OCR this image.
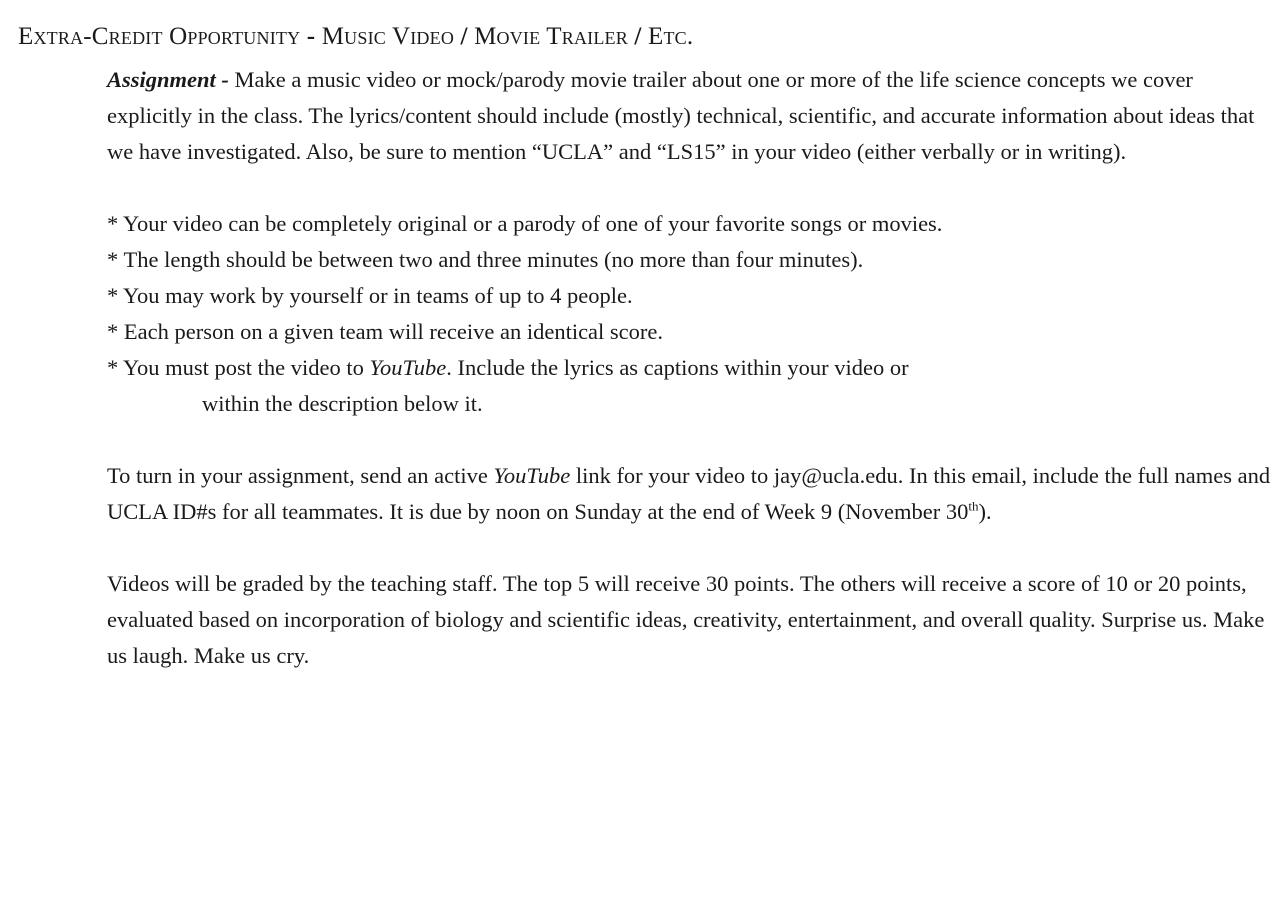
Extra-Credit Opportunity - Music Video / Movie Trailer / Etc.

Assignment - Make a music video or mock/parody movie trailer about one or more of the life science concepts we cover explicitly in the class. The lyrics/content should include (mostly) technical, scientific, and accurate information about ideas that we have investigated. Also, be sure to mention “UCLA” and “LS15” in your video (either verbally or in writing).

* Your video can be completely original or a parody of one of your favorite songs or movies.
* The length should be between two and three minutes (no more than four minutes).
* You may work by yourself or in teams of up to 4 people.
* Each person on a given team will receive an identical score.
* You must post the video to YouTube. Include the lyrics as captions within your video or
within the description below it.

To turn in your assignment, send an active YouTube link for your video to jay@ucla.edu. In this email, include the full names and UCLA ID#s for all teammates. It is due by noon on Sunday at the end of Week 9 (November 30th).

Videos will be graded by the teaching staff. The top 5 will receive 30 points. The others will receive a score of 10 or 20 points, evaluated based on incorporation of biology and scientific ideas, creativity, entertainment, and overall quality. Surprise us. Make us laugh. Make us cry.
